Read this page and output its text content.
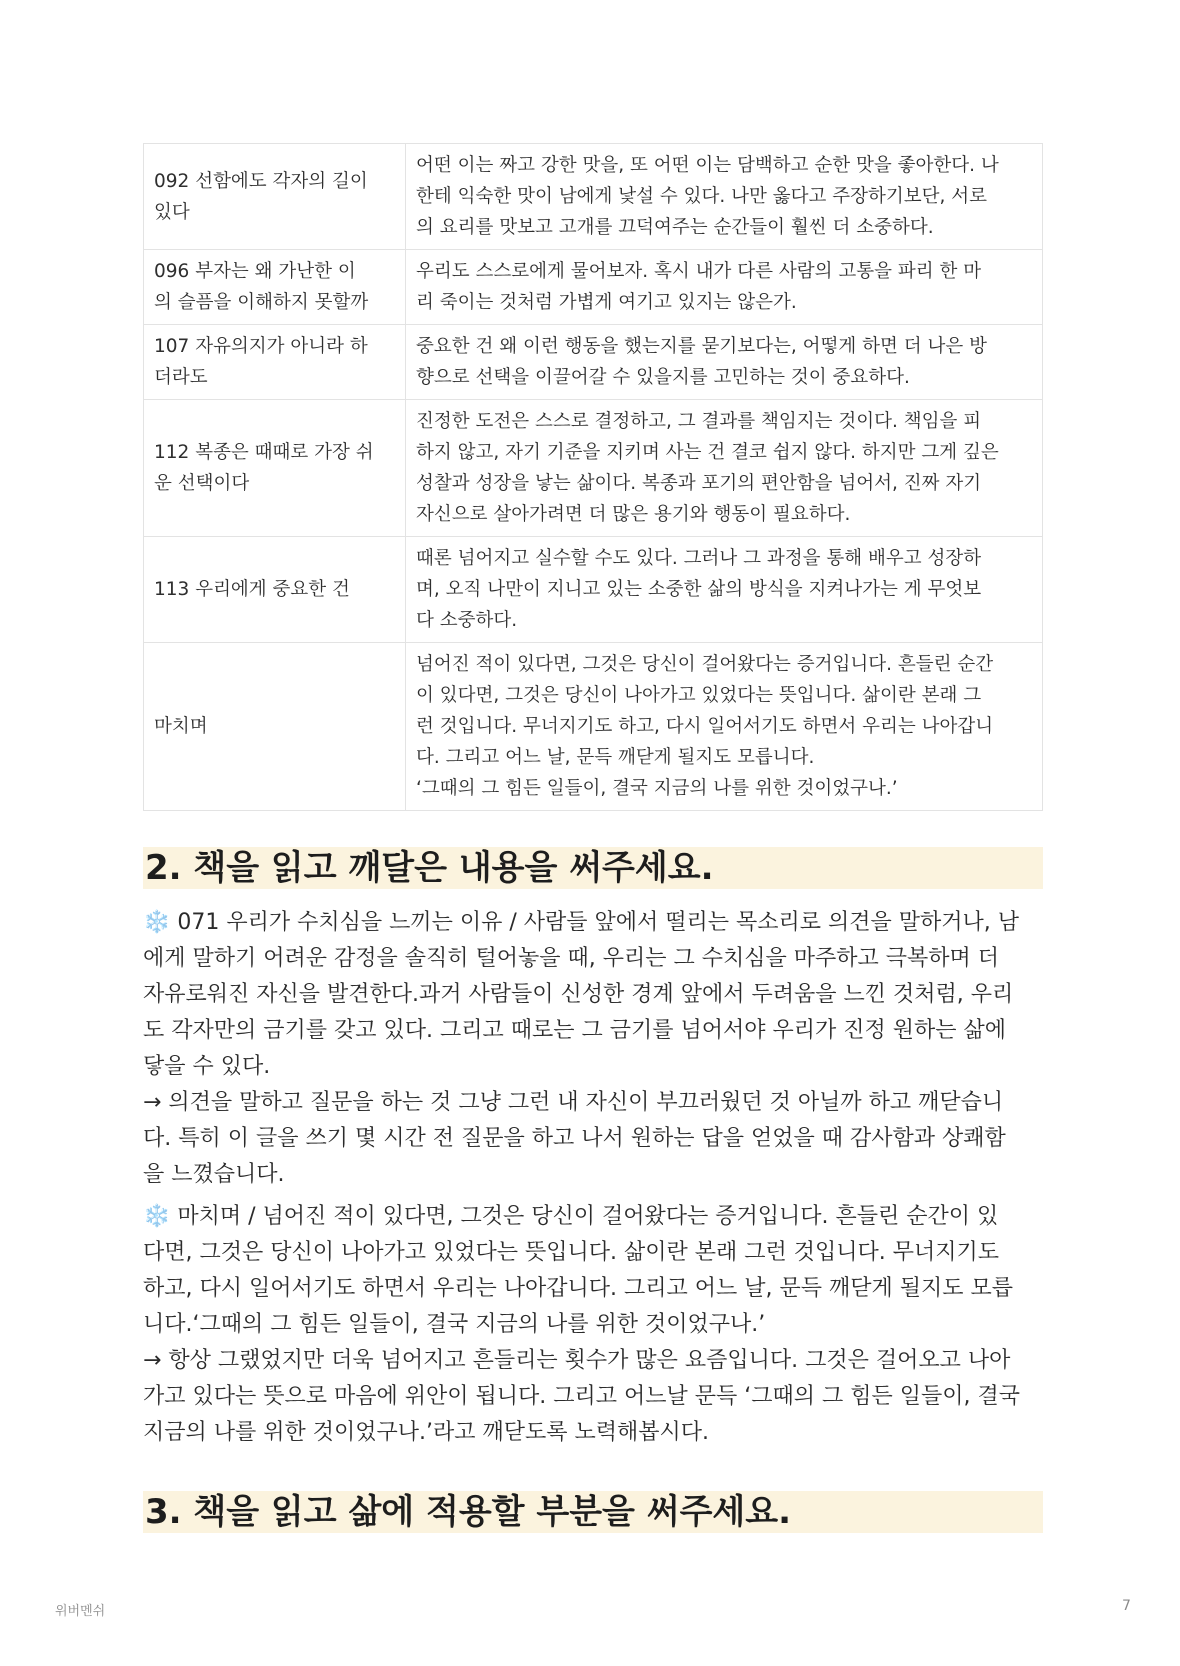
092 선함에도 각자의 길이
있다	어떤 이는 짜고 강한 맛을, 또 어떤 이는 담백하고 순한 맛을 좋아한다. 나
한테 익숙한 맛이 남에게 낯설 수 있다. 나만 옳다고 주장하기보단, 서로
의 요리를 맛보고 고개를 끄덕여주는 순간들이 훨씬 더 소중하다.

096 부자는 왜 가난한 이
의 슬픔을 이해하지 못할까	우리도 스스로에게 물어보자. 혹시 내가 다른 사람의 고통을 파리 한 마
리 죽이는 것처럼 가볍게 여기고 있지는 않은가.

107 자유의지가 아니라 하
더라도	중요한 건 왜 이런 행동을 했는지를 묻기보다는, 어떻게 하면 더 나은 방
향으로 선택을 이끌어갈 수 있을지를 고민하는 것이 중요하다.

112 복종은 때때로 가장 쉬
운 선택이다	진정한 도전은 스스로 결정하고, 그 결과를 책임지는 것이다. 책임을 피
하지 않고, 자기 기준을 지키며 사는 건 결코 쉽지 않다. 하지만 그게 깊은
성찰과 성장을 낳는 삶이다. 복종과 포기의 편안함을 넘어서, 진짜 자기
자신으로 살아가려면 더 많은 용기와 행동이 필요하다.

113 우리에게 중요한 건	때론 넘어지고 실수할 수도 있다. 그러나 그 과정을 통해 배우고 성장하
며, 오직 나만이 지니고 있는 소중한 삶의 방식을 지켜나가는 게 무엇보
다 소중하다.

마치며	넘어진 적이 있다면, 그것은 당신이 걸어왔다는 증거입니다. 흔들린 순간
이 있다면, 그것은 당신이 나아가고 있었다는 뜻입니다. 삶이란 본래 그
런 것입니다. 무너지기도 하고, 다시 일어서기도 하면서 우리는 나아갑니
다. 그리고 어느 날, 문득 깨닫게 될지도 모릅니다.
‘그때의 그 힘든 일들이, 결국 지금의 나를 위한 것이었구나.’
2. 책을 읽고 깨달은 내용을 써주세요.
❄️ 071 우리가 수치심을 느끼는 이유 / 사람들 앞에서 떨리는 목소리로 의견을 말하거나, 남
에게 말하기 어려운 감정을 솔직히 털어놓을 때, 우리는 그 수치심을 마주하고 극복하며 더
자유로워진 자신을 발견한다.과거 사람들이 신성한 경계 앞에서 두려움을 느낀 것처럼, 우리
도 각자만의 금기를 갖고 있다. 그리고 때로는 그 금기를 넘어서야 우리가 진정 원하는 삶에
닿을 수 있다.
→ 의견을 말하고 질문을 하는 것 그냥 그런 내 자신이 부끄러웠던 것 아닐까 하고 깨닫습니
다. 특히 이 글을 쓰기 몇 시간 전 질문을 하고 나서 원하는 답을 얻었을 때 감사함과 상쾌함
을 느꼈습니다.
❄️ 마치며 / 넘어진 적이 있다면, 그것은 당신이 걸어왔다는 증거입니다. 흔들린 순간이 있
다면, 그것은 당신이 나아가고 있었다는 뜻입니다. 삶이란 본래 그런 것입니다. 무너지기도
하고, 다시 일어서기도 하면서 우리는 나아갑니다. 그리고 어느 날, 문득 깨닫게 될지도 모릅
니다.‘그때의 그 힘든 일들이, 결국 지금의 나를 위한 것이었구나.’
→ 항상 그랬었지만 더욱 넘어지고 흔들리는 횟수가 많은 요즘입니다. 그것은 걸어오고 나아
가고 있다는 뜻으로 마음에 위안이 됩니다. 그리고 어느날 문득 ‘그때의 그 힘든 일들이, 결국
지금의 나를 위한 것이었구나.’라고 깨닫도록 노력해봅시다.
3. 책을 읽고 삶에 적용할 부분을 써주세요.
위버멘쉬	7
